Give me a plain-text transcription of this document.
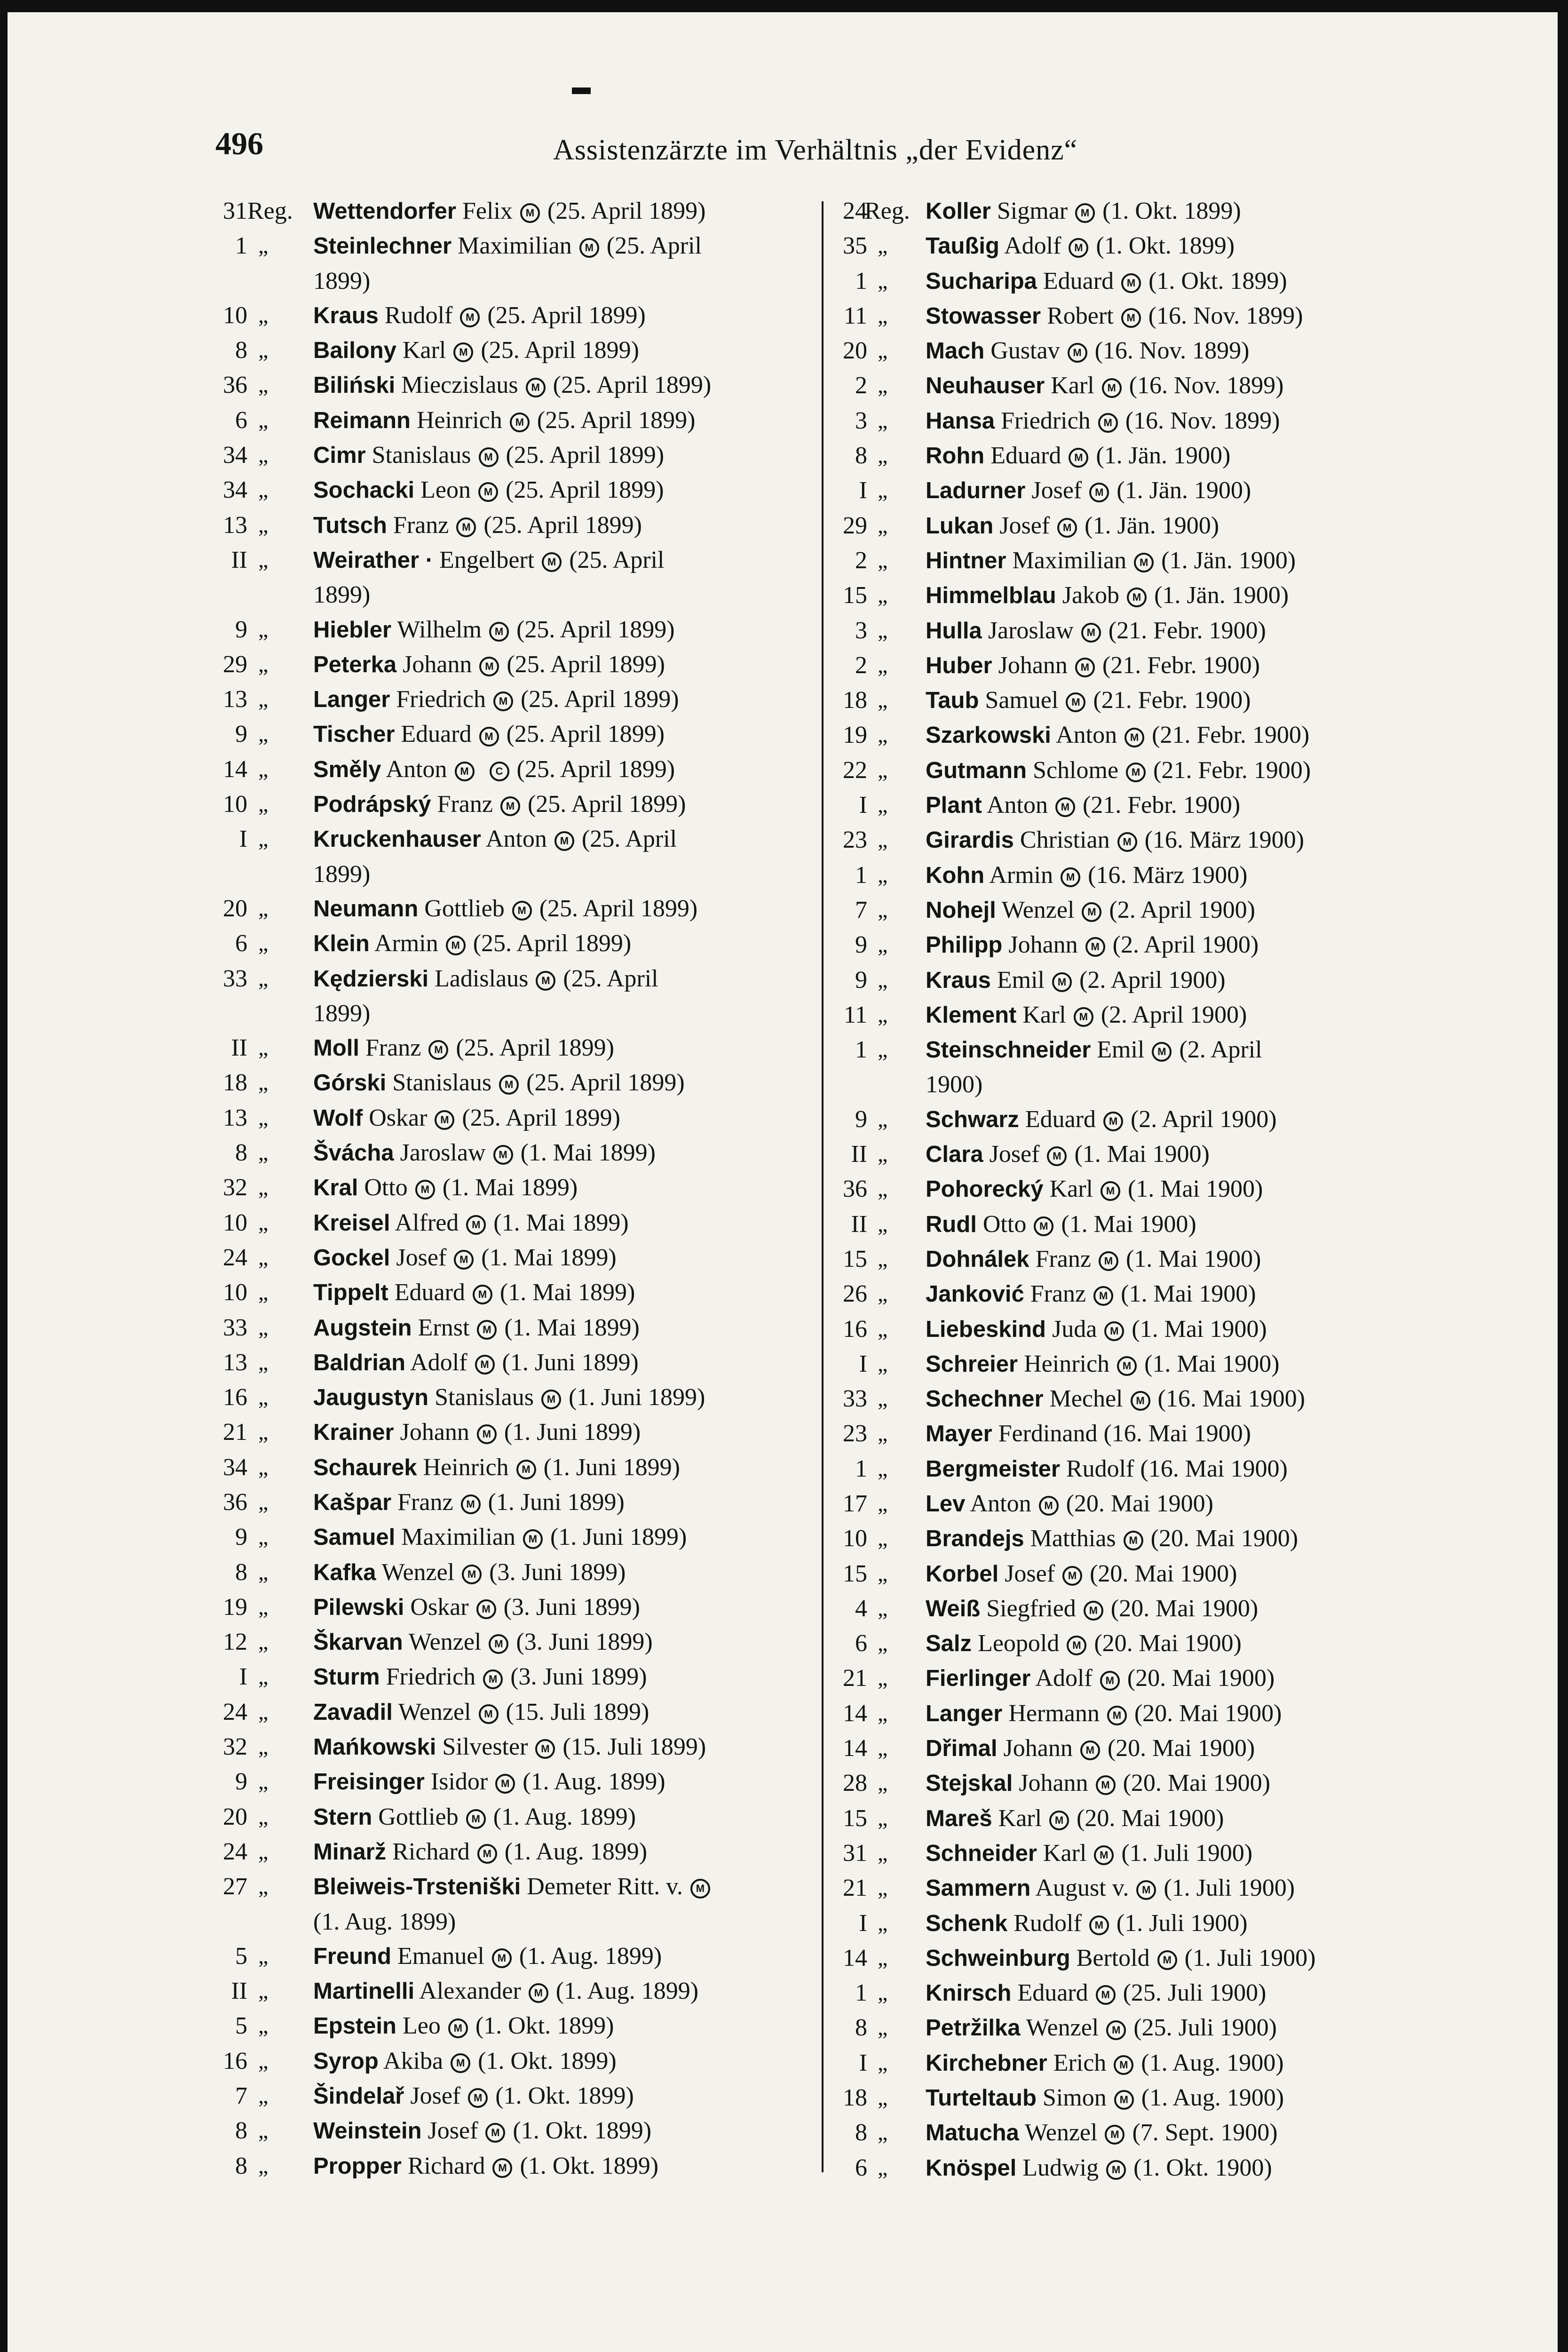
496	Assistenzärzte im Verhältnis „der Evidenz“
31 Reg. Wettendorfer Felix M (25. April 1899)
1 „ Steinlechner Maximilian M (25. April
1899)
10 „ Kraus Rudolf M (25. April 1899)
8 „ Bailony Karl M (25. April 1899)
36 „ Biliński Mieczislaus M (25. April 1899)
6 „ Reimann Heinrich M (25. April 1899)
34 „ Cimr Stanislaus M (25. April 1899)
34 „ Sochacki Leon M (25. April 1899)
13 „ Tutsch Franz M (25. April 1899)
II „ Weirather · Engelbert M (25. April
1899)
9 „ Hiebler Wilhelm M (25. April 1899)
29 „ Peterka Johann M (25. April 1899)
13 „ Langer Friedrich M (25. April 1899)
9 „ Tischer Eduard M (25. April 1899)
14 „ Směly Anton M	C (25. April 1899)
10 „ Podrápský Franz M (25. April 1899)
I „ Kruckenhauser Anton M (25. April
1899)
20 „ Neumann Gottlieb M (25. April 1899)
6 „ Klein Armin M (25. April 1899)
33 „ Kędzierski Ladislaus M (25. April
1899)
II „ Moll Franz M (25. April 1899)
18 „ Górski Stanislaus M (25. April 1899)
13 „ Wolf Oskar M (25. April 1899)
8 „ Švácha Jaroslaw M (1. Mai 1899)
32 „ Kral Otto M (1. Mai 1899)
10 „ Kreisel Alfred M (1. Mai 1899)
24 „ Gockel Josef M (1. Mai 1899)
10 „ Tippelt Eduard M (1. Mai 1899)
33 „ Augstein Ernst M (1. Mai 1899)
13 „ Baldrian Adolf M (1. Juni 1899)
16 „ Jaugustyn Stanislaus M (1. Juni 1899)
21 „ Krainer Johann M (1. Juni 1899)
34 „ Schaurek Heinrich M (1. Juni 1899)
36 „ Kašpar Franz M (1. Juni 1899)
9 „ Samuel Maximilian M (1. Juni 1899)
8 „ Kafka Wenzel M (3. Juni 1899)
19 „ Pilewski Oskar M (3. Juni 1899)
12 „ Škarvan Wenzel M (3. Juni 1899)
I „ Sturm Friedrich M (3. Juni 1899)
24 „ Zavadil Wenzel M (15. Juli 1899)
32 „ Mańkowski Silvester M (15. Juli 1899)
9 „ Freisinger Isidor M (1. Aug. 1899)
20 „ Stern Gottlieb M (1. Aug. 1899)
24 „ Minarž Richard M (1. Aug. 1899)
27 „ Bleiweis-Trsteniški Demeter Ritt. v. M
(1. Aug. 1899)
5 „ Freund Emanuel M (1. Aug. 1899)
II „ Martinelli Alexander M (1. Aug. 1899)
5 „ Epstein Leo M (1. Okt. 1899)
16 „ Syrop Akiba M (1. Okt. 1899)
7 „ Šindelař Josef M (1. Okt. 1899)
8 „ Weinstein Josef M (1. Okt. 1899)
8 „ Propper Richard M (1. Okt. 1899)
24
Reg. Koller Sigmar M (1. Okt. 1899)
35 „ Taußig Adolf M (1. Okt. 1899)
1 „ Sucharipa Eduard M (1. Okt. 1899)
11 „ Stowasser Robert M (16. Nov. 1899)
20 „ Mach Gustav M (16. Nov. 1899)
2 „ Neuhauser Karl M (16. Nov. 1899)
3 „ Hansa Friedrich M (16. Nov. 1899)
8 „ Rohn Eduard M (1. Jän. 1900)
I „ Ladurner Josef M (1. Jän. 1900)
29 „ Lukan Josef M (1. Jän. 1900)
2 „ Hintner Maximilian M (1. Jän. 1900)
15 „ Himmelblau Jakob M (1. Jän. 1900)
3 „ Hulla Jaroslaw M (21. Febr. 1900)
2 „ Huber Johann M (21. Febr. 1900)
18 „ Taub Samuel M (21. Febr. 1900)
19 „ Szarkowski Anton M (21. Febr. 1900)
22 „ Gutmann Schlome M (21. Febr. 1900)
I „ Plant Anton M (21. Febr. 1900)
23 „ Girardis Christian M (16. März 1900)
1 „ Kohn Armin M (16. März 1900)
7 „ Nohejl Wenzel M (2. April 1900)
9 „ Philipp Johann M (2. April 1900)
9 „ Kraus Emil M (2. April 1900)
11 „ Klement Karl M (2. April 1900)
1 „ Steinschneider Emil M (2. April
1900)
9 „ Schwarz Eduard M (2. April 1900)
II „ Clara Josef M (1. Mai 1900)
36 „ Pohorecký Karl M (1. Mai 1900)
II „ Rudl Otto M (1. Mai 1900)
15 „ Dohnálek Franz M (1. Mai 1900)
26 „ Janković Franz M (1. Mai 1900)
16 „ Liebeskind Juda M (1. Mai 1900)
I „ Schreier Heinrich M (1. Mai 1900)
33 „ Schechner Mechel M (16. Mai 1900)
23 „ Mayer Ferdinand (16. Mai 1900)
1 „ Bergmeister Rudolf (16. Mai 1900)
17 „ Lev Anton M (20. Mai 1900)
10 „ Brandejs Matthias M (20. Mai 1900)
15 „ Korbel Josef M (20. Mai 1900)
4 „ Weiß Siegfried M (20. Mai 1900)
6 „ Salz Leopold M (20. Mai 1900)
21 „ Fierlinger Adolf M (20. Mai 1900)
14 „ Langer Hermann M (20. Mai 1900)
14 „ Dřimal Johann M (20. Mai 1900)
28 „ Stejskal Johann M (20. Mai 1900)
15 „ Mareš Karl M (20. Mai 1900)
31 „ Schneider Karl M (1. Juli 1900)
21 „ Sammern August v. M (1. Juli 1900)
I „ Schenk Rudolf M (1. Juli 1900)
14 „ Schweinburg Bertold M (1. Juli 1900)
1 „ Knirsch Eduard M (25. Juli 1900)
8 „ Petržilka Wenzel M (25. Juli 1900)
I „ Kirchebner Erich M (1. Aug. 1900)
18 „ Turteltaub Simon M (1. Aug. 1900)
8 „ Matucha Wenzel M (7. Sept. 1900)
6 „ Knöspel Ludwig M (1. Okt. 1900)
